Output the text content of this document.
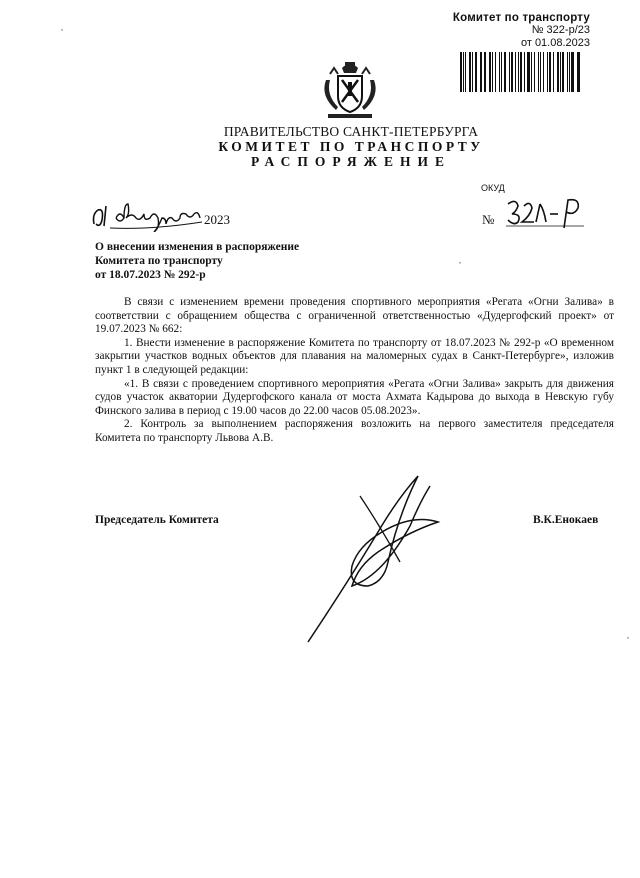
·
Комитет по транспорту
№ 322-р/23
от 01.08.2023
ПРАВИТЕЛЬСТВО САНКТ-ПЕТЕРБУРГА
КОМИТЕТ ПО ТРАНСПОРТУ
РАСПОРЯЖЕНИЕ
ОКУД
2023	№
О внесении изменения в распоряжение
Комитета по транспорту
от 18.07.2023 № 292-р

В связи с изменением времени проведения спортивного мероприятия «Регата «Огни Залива» в соответствии с обращением общества с ограниченной ответственностью «Дудергофский проект» от 19.07.2023 № 662:

1. Внести изменение в распоряжение Комитета по транспорту от 18.07.2023 № 292-р «О временном закрытии участков водных объектов для плавания на маломерных судах в Санкт-Петербурге», изложив пункт 1 в следующей редакции:

«1. В связи с проведением спортивного мероприятия «Регата «Огни Залива» закрыть для движения судов участок акватории Дудергофского канала от моста Ахмата Кадырова до выхода в Невскую губу Финского залива в период с 19.00 часов до 22.00 часов 05.08.2023».

2. Контроль за выполнением распоряжения возложить на первого заместителя председателя Комитета по транспорту Львова А.В.

Председатель Комитета	В.К.Енокаев
·
·
